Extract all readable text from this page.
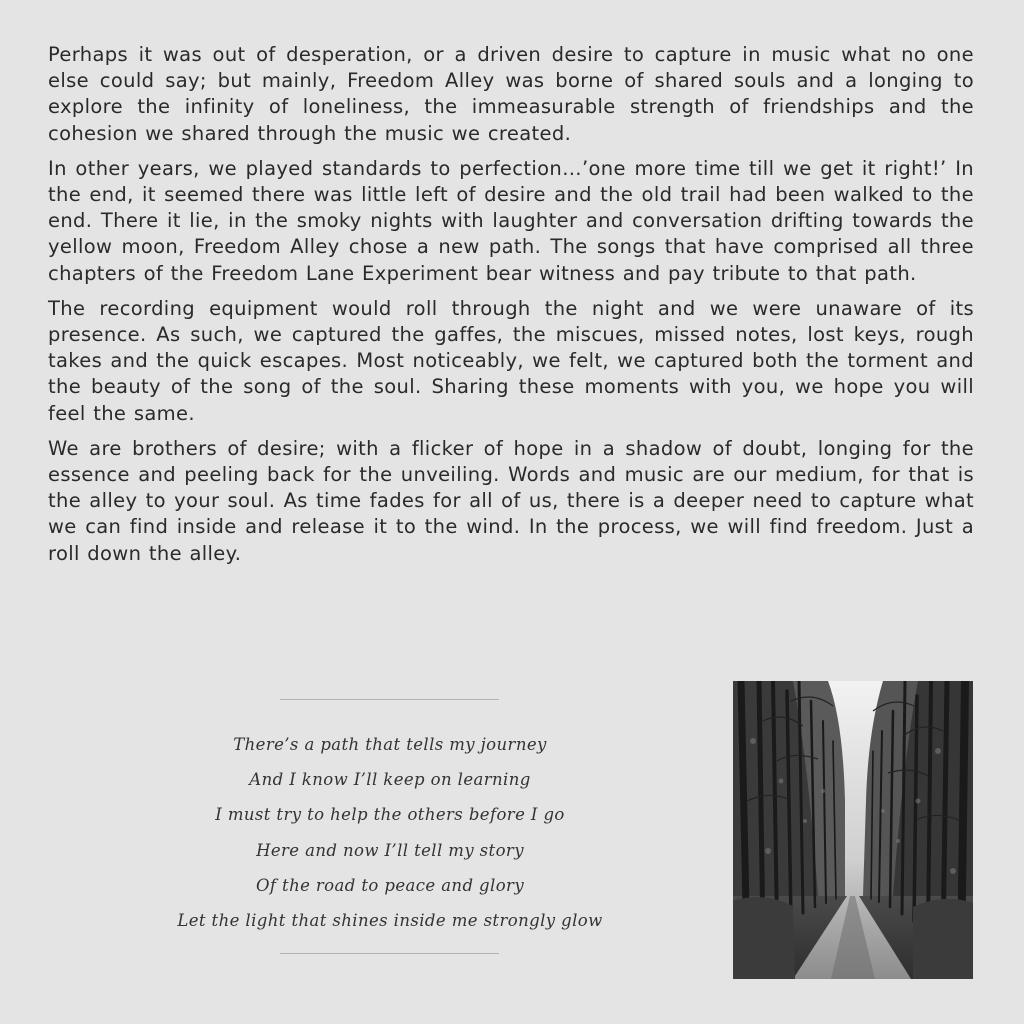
Perhaps it was out of desperation, or a driven desire to capture in music what no one else could say; but mainly, Freedom Alley was borne of shared souls and a longing to explore the infinity of loneliness, the immeasurable strength of friendships and the cohesion we shared through the music we created.

In other years, we played standards to perfection…’one more time till we get it right!’ In the end, it seemed there was little left of desire and the old trail had been walked to the end. There it lie, in the smoky nights with laughter and conversation drifting towards the yellow moon, Freedom Alley chose a new path. The songs that have comprised all three chapters of the Freedom Lane Experiment bear witness and pay tribute to that path.

The recording equipment would roll through the night and we were unaware of its presence. As such, we captured the gaffes, the miscues, missed notes, lost keys, rough takes and the quick escapes. Most noticeably, we felt, we captured both the torment and the beauty of the song of the soul. Sharing these moments with you, we hope you will feel the same.

We are brothers of desire; with a flicker of hope in a shadow of doubt, longing for the essence and peeling back for the unveiling. Words and music are our medium, for that is the alley to your soul. As time fades for all of us, there is a deeper need to capture what we can find inside and release it to the wind. In the process, we will find freedom. Just a roll down the alley.

There’s a path that tells my journey
And I know I’ll keep on learning
I must try to help the others before I go
Here and now I’ll tell my story
Of the road to peace and glory
Let the light that shines inside me strongly glow
